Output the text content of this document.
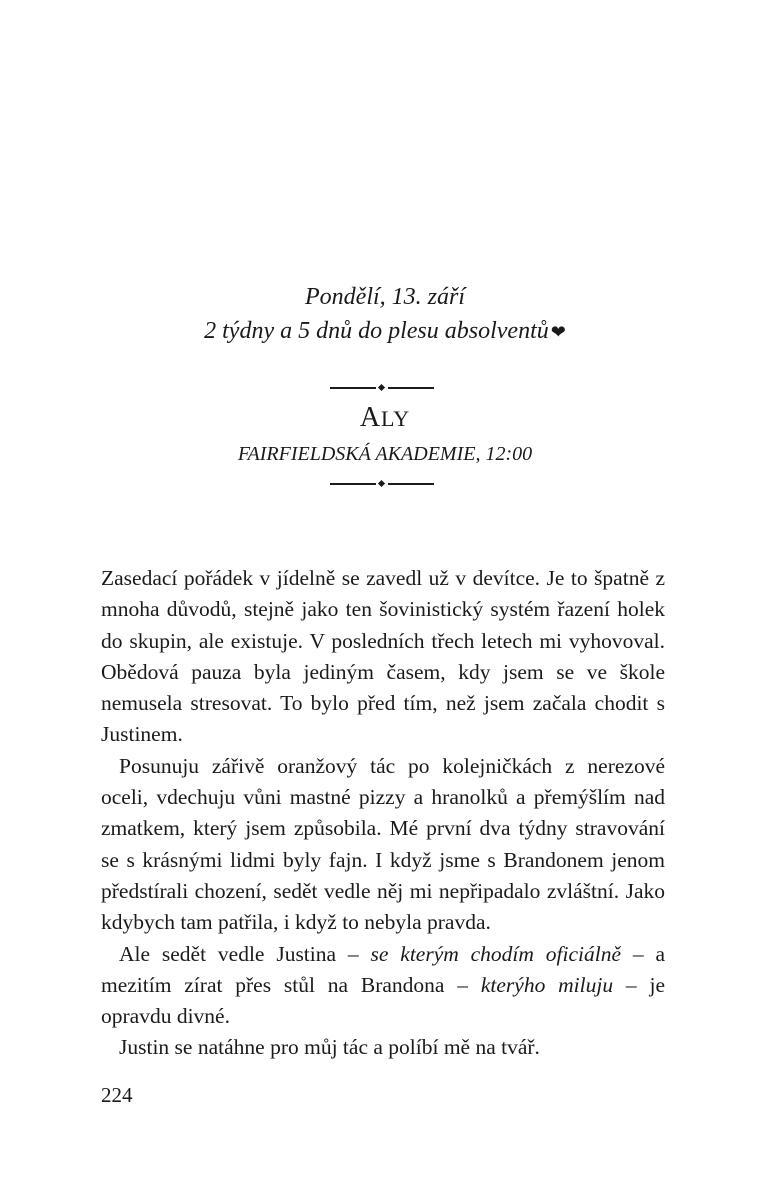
Pondělí, 13. září
2 týdny a 5 dnů do plesu absolventů ❤
ALY
FAIRFIELDSKÁ AKADEMIE, 12:00

Zasedací pořádek v jídelně se zavedl už v devítce. Je to špatně z mnoha důvodů, stejně jako ten šovinistický systém řazení holek do skupin, ale existuje. V posledních třech letech mi vyhovoval. Obědová pauza byla jediným časem, kdy jsem se ve škole nemusela stresovat. To bylo před tím, než jsem začala chodit s Justinem.

Posunuju zářivě oranžový tác po kolejničkách z nerezové oceli, vdechuju vůni mastné pizzy a hranolků a přemýšlím nad zmatkem, který jsem způsobila. Mé první dva týdny stravování se s krásnými lidmi byly fajn. I když jsme s Brandonem jenom předstírali chození, sedět vedle něj mi nepřipadalo zvláštní. Jako kdybych tam patřila, i když to nebyla pravda.

Ale sedět vedle Justina – se kterým chodím oficiálně – a mezitím zírat přes stůl na Brandona – kterýho miluju – je opravdu divné.

Justin se natáhne pro můj tác a políbí mě na tvář.

224
